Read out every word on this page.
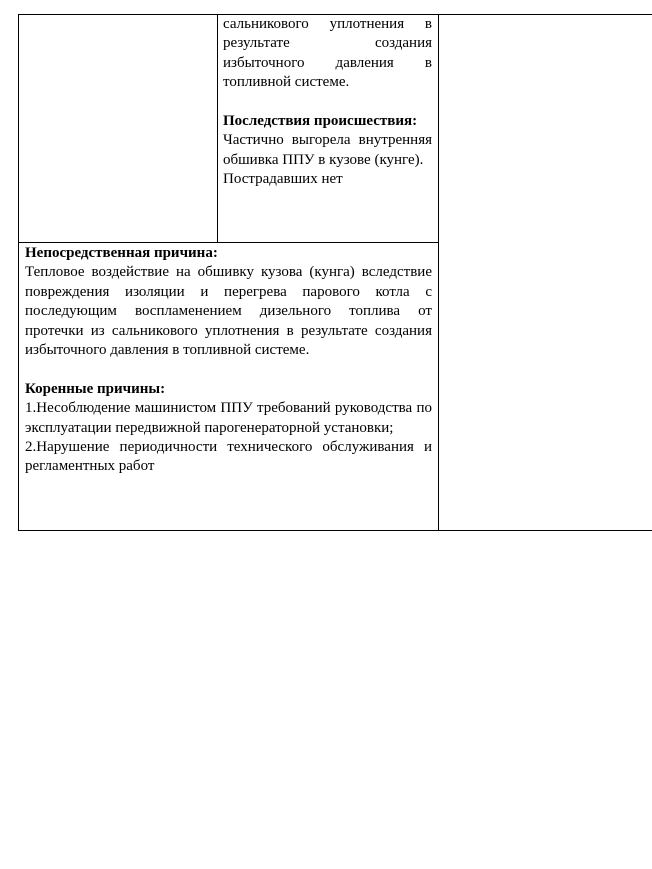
сальникового уплотнения в результате создания избыточного давления в топливной системе.

Последствия происшествия:

Частично выгорела внутренняя обшивка ППУ в кузове (кунге).

Пострадавших нет

Непосредственная причина:

Тепловое воздействие на обшивку кузова (кунга) вследствие повреждения изоляции и перегрева парового котла с последующим воспламенением дизельного топлива от протечки из сальникового уплотнения в результате создания избыточного давления в топливной системе.

Коренные причины:

1.Несоблюдение машинистом ППУ требований руководства по эксплуатации передвижной парогенераторной установки;

2.Нарушение периодичности технического обслуживания и регламентных работ
